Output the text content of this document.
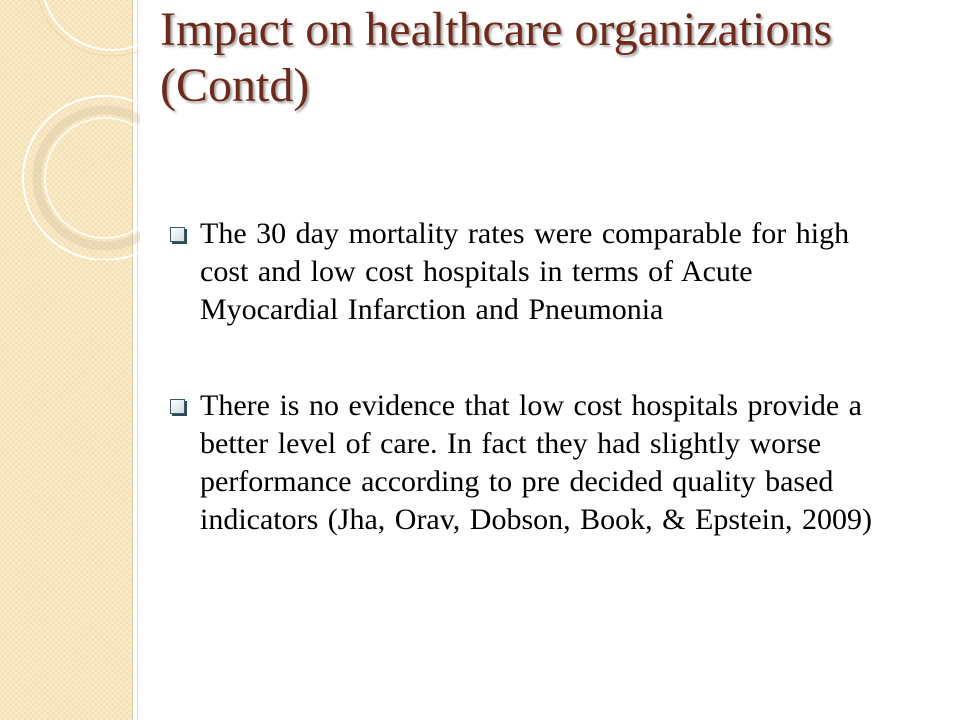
Impact on healthcare organizations (Contd)
The 30 day mortality rates were comparable for high cost and low cost hospitals in terms of Acute Myocardial Infarction and Pneumonia
There is no evidence that low cost hospitals provide a better level of care. In fact they had slightly worse performance according to pre decided quality based indicators (Jha, Orav, Dobson, Book, & Epstein, 2009)
